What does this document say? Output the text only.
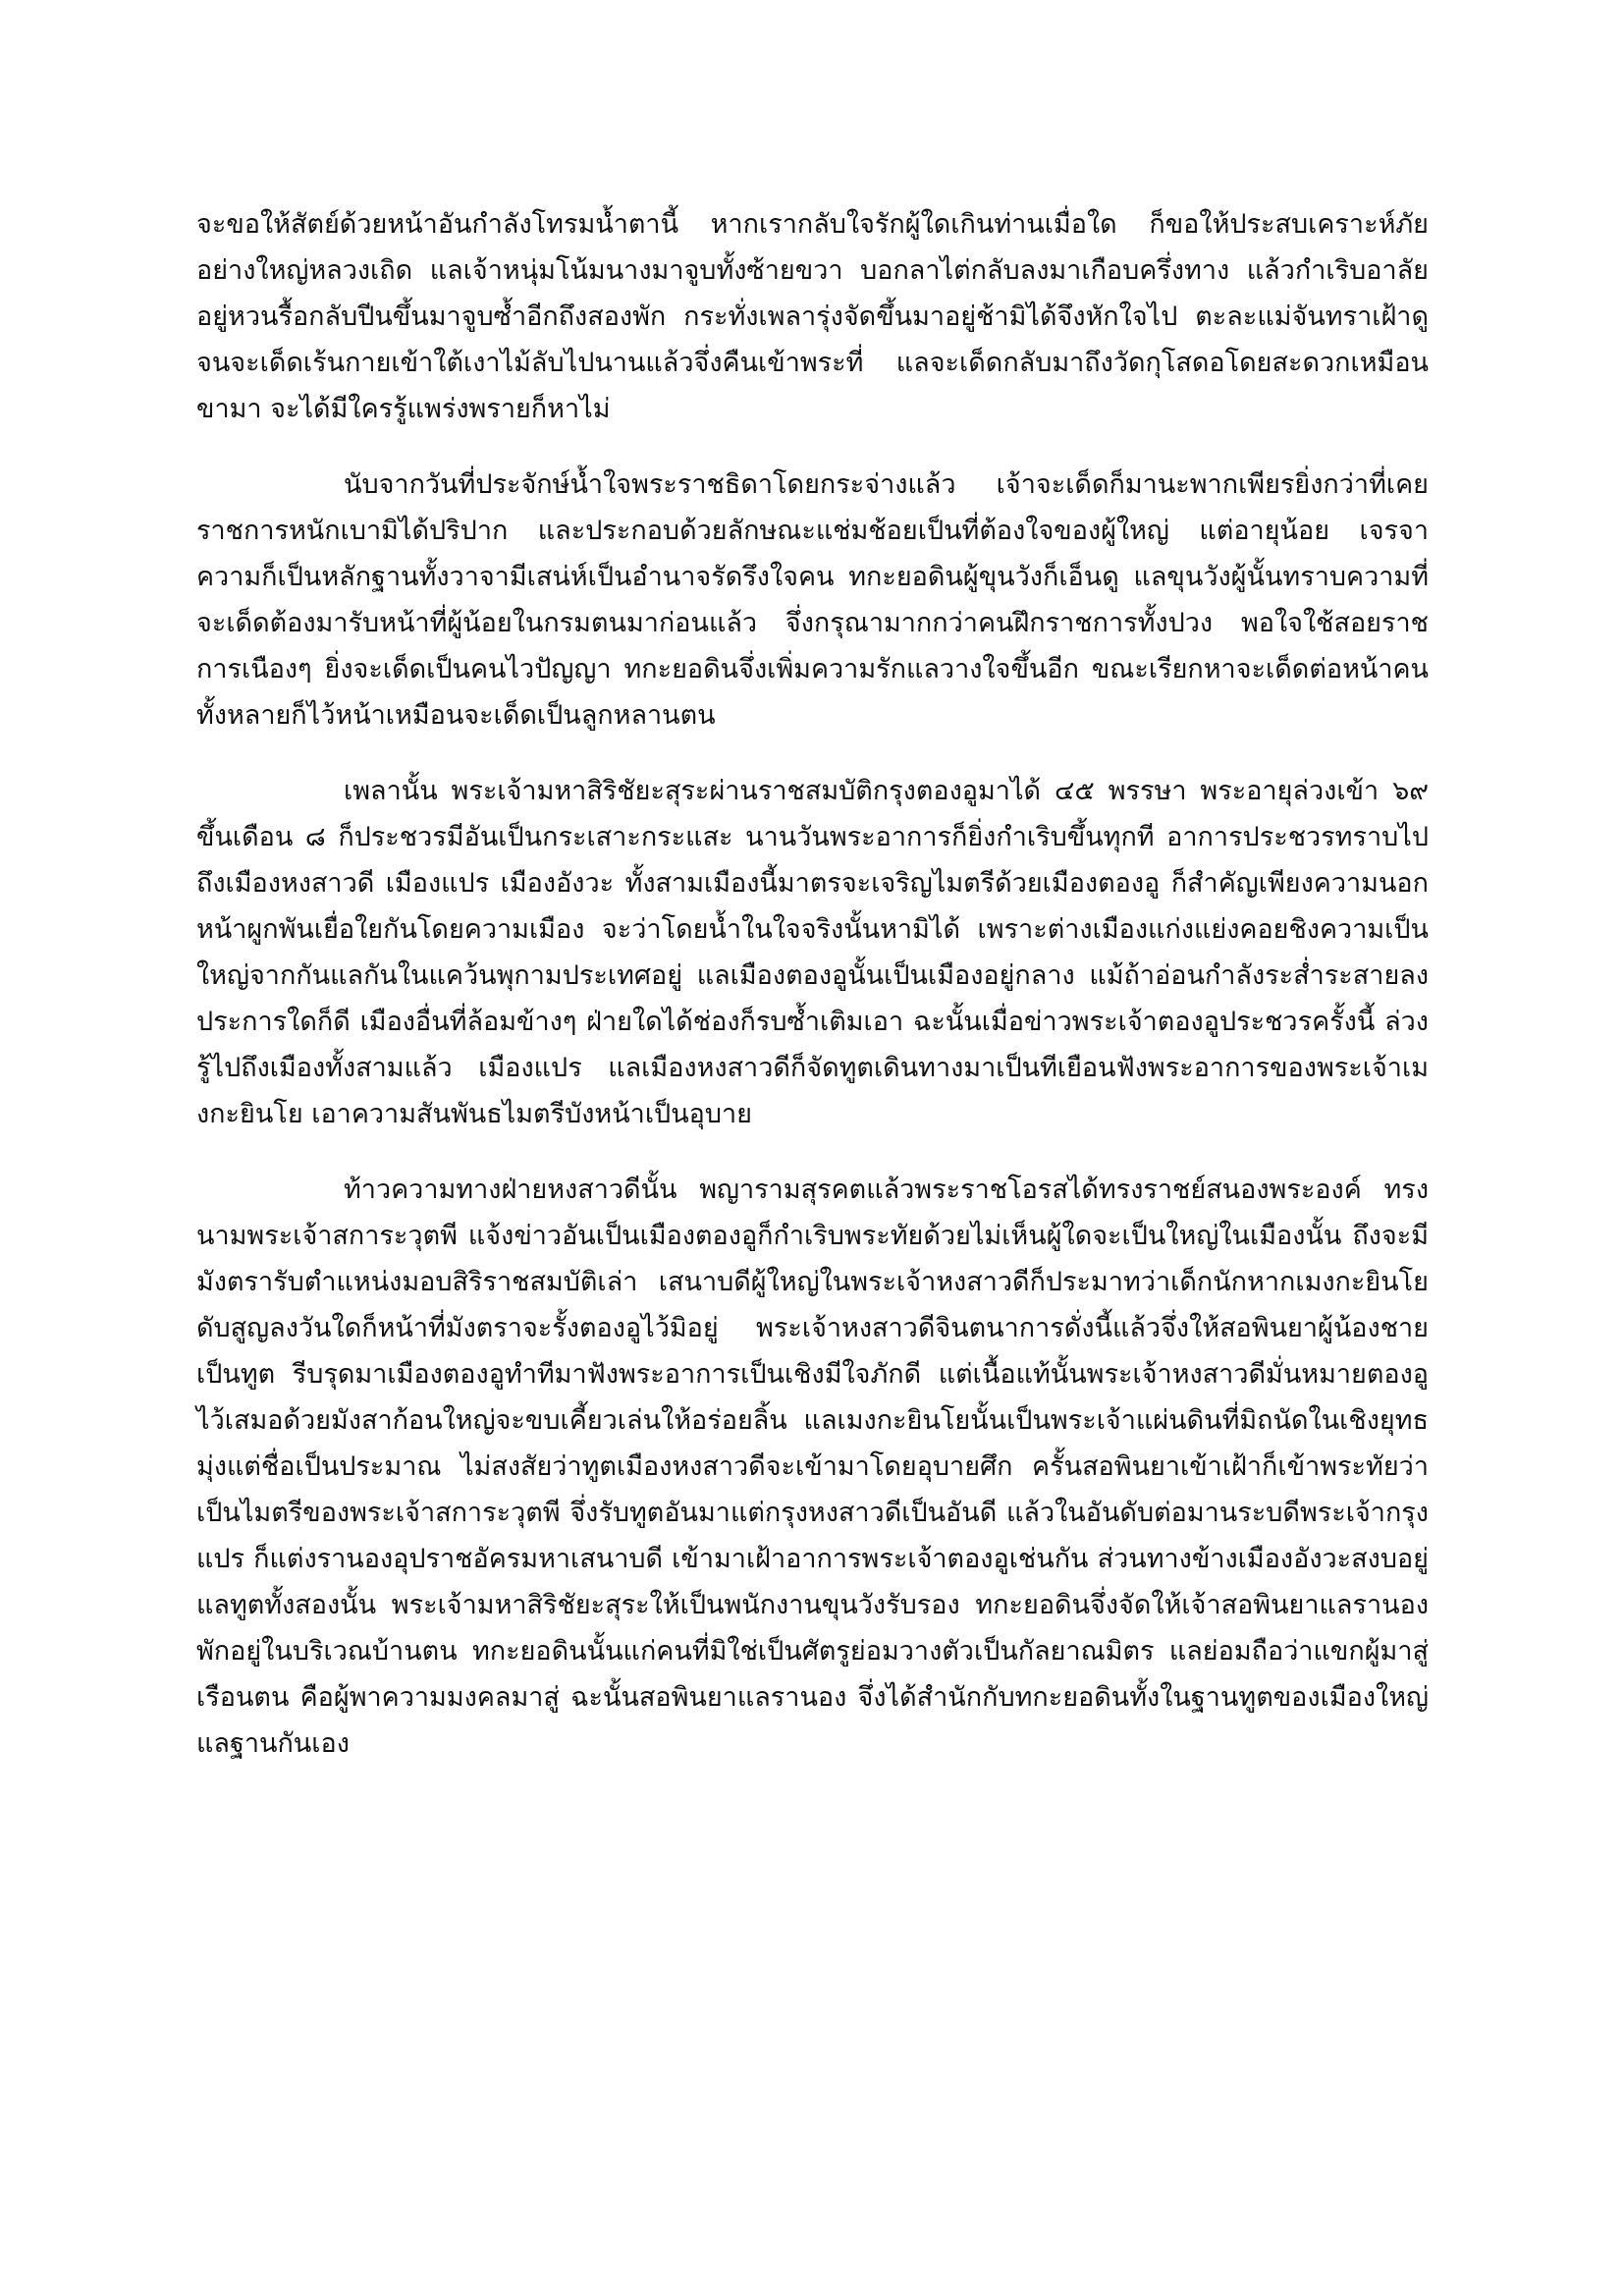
จะขอให้สัตย์ด้วยหน้าอันกำลังโทรมน้ำตานี้ หากเรากลับใจรักผู้ใดเกินท่านเมื่อใด ก็ขอให้ประสบเคราะห์ภัยอย่างใหญ่หลวงเถิด แลเจ้าหนุ่มโน้มนางมาจูบทั้งซ้ายขวา บอกลาไต่กลับลงมาเกือบครึ่งทาง แล้วกำเริบอาลัยอยู่หวนรื้อกลับปีนขึ้นมาจูบซ้ำอีกถึงสองพัก กระทั่งเพลารุ่งจัดขึ้นมาอยู่ช้ามิได้จึงหักใจไป ตะละแม่จันทราเฝ้าดูจนจะเด็ดเร้นกายเข้าใต้เงาไม้ลับไปนานแล้วจึ่งคืนเข้าพระที่ แลจะเด็ดกลับมาถึงวัดกุโสดอโดยสะดวกเหมือนขามา จะได้มีใครรู้แพร่งพรายก็หาไม่

นับจากวันที่ประจักษ์น้ำใจพระราชธิดาโดยกระจ่างแล้ว เจ้าจะเด็ดก็มานะพากเพียรยิ่งกว่าที่เคย ราชการหนักเบามิได้ปริปาก และประกอบด้วยลักษณะแช่มช้อยเป็นที่ต้องใจของผู้ใหญ่ แต่อายุน้อย เจรจาความก็เป็นหลักฐานทั้งวาจามีเสน่ห์เป็นอำนาจรัดรึงใจคน ทกะยอดินผู้ขุนวังก็เอ็นดู แลขุนวังผู้นั้นทราบความที่จะเด็ดต้องมารับหน้าที่ผู้น้อยในกรมตนมาก่อนแล้ว จึ่งกรุณามากกว่าคนฝึกราชการทั้งปวง พอใจใช้สอยราชการเนืองๆ ยิ่งจะเด็ดเป็นคนไวปัญญา ทกะยอดินจึ่งเพิ่มความรักแลวางใจขึ้นอีก ขณะเรียกหาจะเด็ดต่อหน้าคนทั้งหลายก็ไว้หน้าเหมือนจะเด็ดเป็นลูกหลานตน

เพลานั้น พระเจ้ามหาสิริชัยะสุระผ่านราชสมบัติกรุงตองอูมาได้ ๔๕ พรรษา พระอายุล่วงเข้า ๖๙ ขึ้นเดือน ๘ ก็ประชวรมีอันเป็นกระเสาะกระแสะ นานวันพระอาการก็ยิ่งกำเริบขึ้นทุกที อาการประชวรทราบไปถึงเมืองหงสาวดี เมืองแปร เมืองอังวะ ทั้งสามเมืองนี้มาตรจะเจริญไมตรีด้วยเมืองตองอู ก็สำคัญเพียงความนอกหน้าผูกพันเยื่อใยกันโดยความเมือง จะว่าโดยน้ำในใจจริงนั้นหามิได้ เพราะต่างเมืองแก่งแย่งคอยชิงความเป็นใหญ่จากกันแลกันในแคว้นพุกามประเทศอยู่ แลเมืองตองอูนั้นเป็นเมืองอยู่กลาง แม้ถ้าอ่อนกำลังระส่ำระสายลงประการใดก็ดี เมืองอื่นที่ล้อมข้างๆ ฝ่ายใดได้ช่องก็รบซ้ำเติมเอา ฉะนั้นเมื่อข่าวพระเจ้าตองอูประชวรครั้งนี้ ล่วงรู้ไปถึงเมืองทั้งสามแล้ว เมืองแปร แลเมืองหงสาวดีก็จัดทูตเดินทางมาเป็นทีเยือนฟังพระอาการของพระเจ้าเมงกะยินโย เอาความสันพันธไมตรีบังหน้าเป็นอุบาย

ท้าวความทางฝ่ายหงสาวดีนั้น พญารามสุรคตแล้วพระราชโอรสได้ทรงราชย์สนองพระองค์ ทรงนามพระเจ้าสการะวุตพี แจ้งข่าวอันเป็นเมืองตองอูก็กำเริบพระทัยด้วยไม่เห็นผู้ใดจะเป็นใหญ่ในเมืองนั้น ถึงจะมีมังตรารับตำแหน่งมอบสิริราชสมบัติเล่า เสนาบดีผู้ใหญ่ในพระเจ้าหงสาวดีก็ประมาทว่าเด็กนักหากเมงกะยินโยดับสูญลงวันใดก็หน้าที่มังตราจะรั้งตองอูไว้มิอยู่ พระเจ้าหงสาวดีจินตนาการดั่งนี้แล้วจึ่งให้สอพินยาผู้น้องชายเป็นทูต รีบรุดมาเมืองตองอูทำทีมาฟังพระอาการเป็นเชิงมีใจภักดี แต่เนื้อแท้นั้นพระเจ้าหงสาวดีมั่นหมายตองอูไว้เสมอด้วยมังสาก้อนใหญ่จะขบเคี้ยวเล่นให้อร่อยลิ้น แลเมงกะยินโยนั้นเป็นพระเจ้าแผ่นดินที่มิถนัดในเชิงยุทธ มุ่งแต่ชื่อเป็นประมาณ ไม่สงสัยว่าทูตเมืองหงสาวดีจะเข้ามาโดยอุบายศึก ครั้นสอพินยาเข้าเฝ้าก็เข้าพระทัยว่าเป็นไมตรีของพระเจ้าสการะวุตพี จึ่งรับทูตอันมาแต่กรุงหงสาวดีเป็นอันดี แล้วในอันดับต่อมานระบดีพระเจ้ากรุงแปร ก็แต่งรานองอุปราชอัครมหาเสนาบดี เข้ามาเฝ้าอาการพระเจ้าตองอูเช่นกัน ส่วนทางข้างเมืองอังวะสงบอยู่ แลทูตทั้งสองนั้น พระเจ้ามหาสิริชัยะสุระให้เป็นพนักงานขุนวังรับรอง ทกะยอดินจึ่งจัดให้เจ้าสอพินยาแลรานองพักอยู่ในบริเวณบ้านตน ทกะยอดินนั้นแก่คนที่มิใช่เป็นศัตรูย่อมวางตัวเป็นกัลยาณมิตร แลย่อมถือว่าแขกผู้มาสู่เรือนตน คือผู้พาความมงคลมาสู่ ฉะนั้นสอพินยาแลรานอง จึ่งได้สำนักกับทกะยอดินทั้งในฐานทูตของเมืองใหญ่แลฐานกันเอง
